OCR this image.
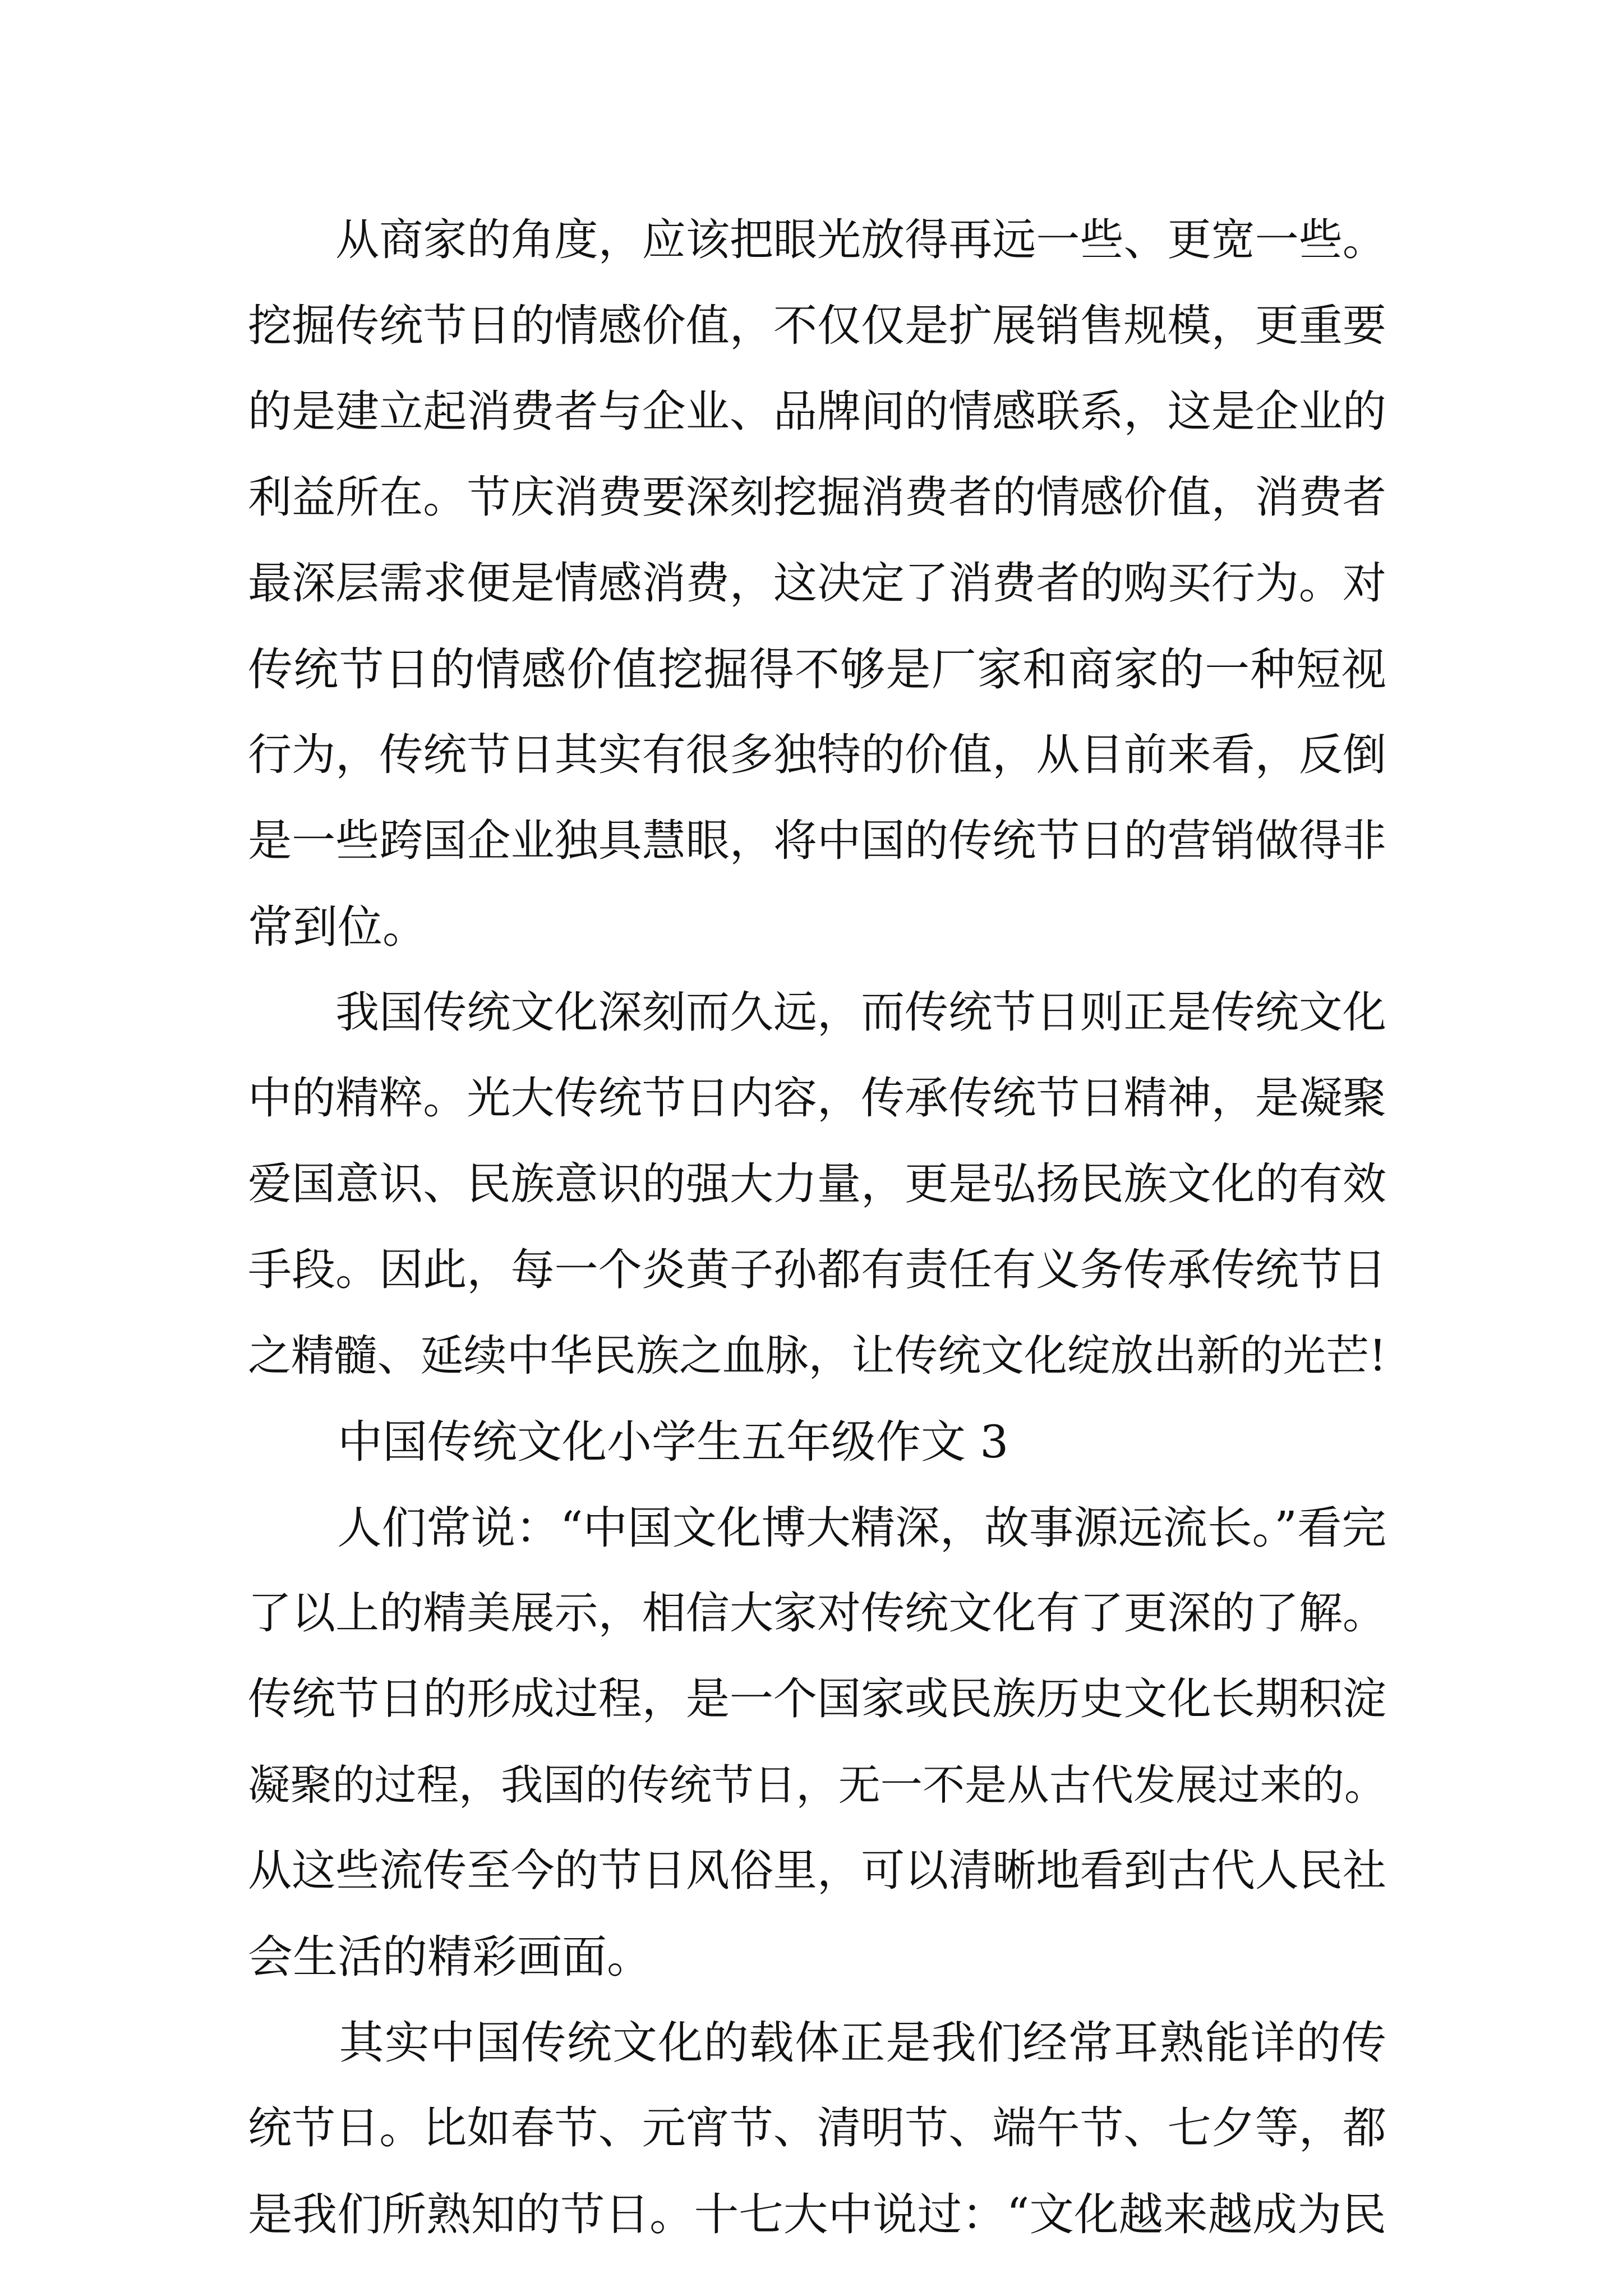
　　从商家的角度，应该把眼光放得再远一些、更宽一些。
挖掘传统节日的情感价值，不仅仅是扩展销售规模，更重要
的是建立起消费者与企业、品牌间的情感联系，这是企业的
利益所在。节庆消费要深刻挖掘消费者的情感价值，消费者
最深层需求便是情感消费，这决定了消费者的购买行为。对
传统节日的情感价值挖掘得不够是厂家和商家的一种短视
行为，传统节日其实有很多独特的价值，从目前来看，反倒
是一些跨国企业独具慧眼，将中国的传统节日的营销做得非
常到位。
　　我国传统文化深刻而久远，而传统节日则正是传统文化
中的精粹。光大传统节日内容，传承传统节日精神，是凝聚
爱国意识、民族意识的强大力量，更是弘扬民族文化的有效
手段。因此，每一个炎黄子孙都有责任有义务传承传统节日
之精髓、延续中华民族之血脉，让传统文化绽放出新的光芒!
　　中国传统文化小学生五年级作文 3
　　人们常说：“中国文化博大精深，故事源远流长。”看完
了以上的精美展示，相信大家对传统文化有了更深的了解。
传统节日的形成过程，是一个国家或民族历史文化长期积淀
凝聚的过程，我国的传统节日，无一不是从古代发展过来的。
从这些流传至今的节日风俗里，可以清晰地看到古代人民社
会生活的精彩画面。
　　其实中国传统文化的载体正是我们经常耳熟能详的传
统节日。比如春节、元宵节、清明节、端午节、七夕等，都
是我们所熟知的节日。十七大中说过：“文化越来越成为民
